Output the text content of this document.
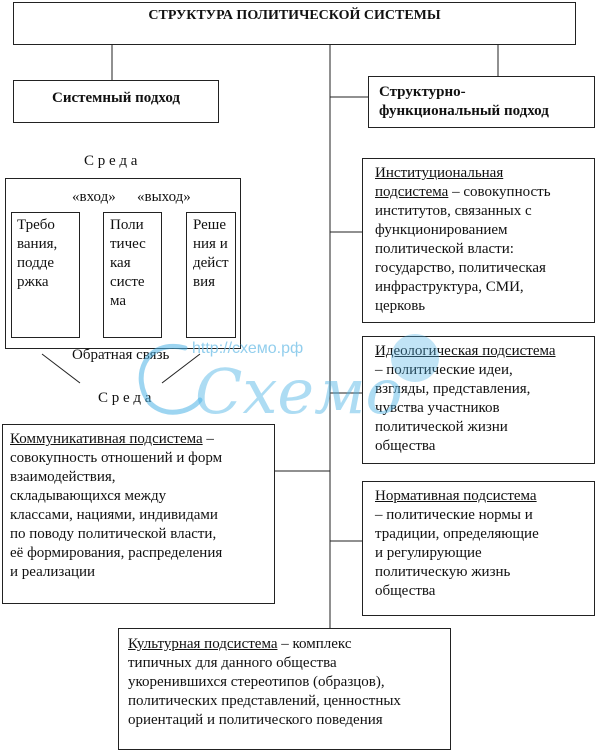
СТРУКТУРА ПОЛИТИЧЕСКОЙ СИСТЕМЫ
Системный подход	Структурно-
функциональный подход
С р е д а
«вход» «выход»
Требо
вания,
подде
ржка
Поли
тичес
кая
систе
ма
Реше
ния и
дейст
вия
Обратная связь
С р е д а
Институциональная
подсистема – совокупность
институтов, связанных с
функционированием
политической власти:
государство, политическая
инфраструктура, СМИ,
церковь
Идеологическая подсистема
– политические идеи,
взгляды, представления,
чувства участников
политической жизни
общества
Коммуникативная подсистема –
совокупность отношений и форм
взаимодействия,
складывающихся между
классами, нациями, индивидами
по поводу политической власти,
её формирования, распределения
и реализации
Нормативная подсистема
– политические нормы и
традиции, определяющие
и регулирующие
политическую жизнь
общества
Культурная подсистема – комплекс
типичных для данного общества
укоренившихся стереотипов (образцов),
политических представлений, ценностных
ориентаций и политического поведения
Схемо
http://схемо.рф
